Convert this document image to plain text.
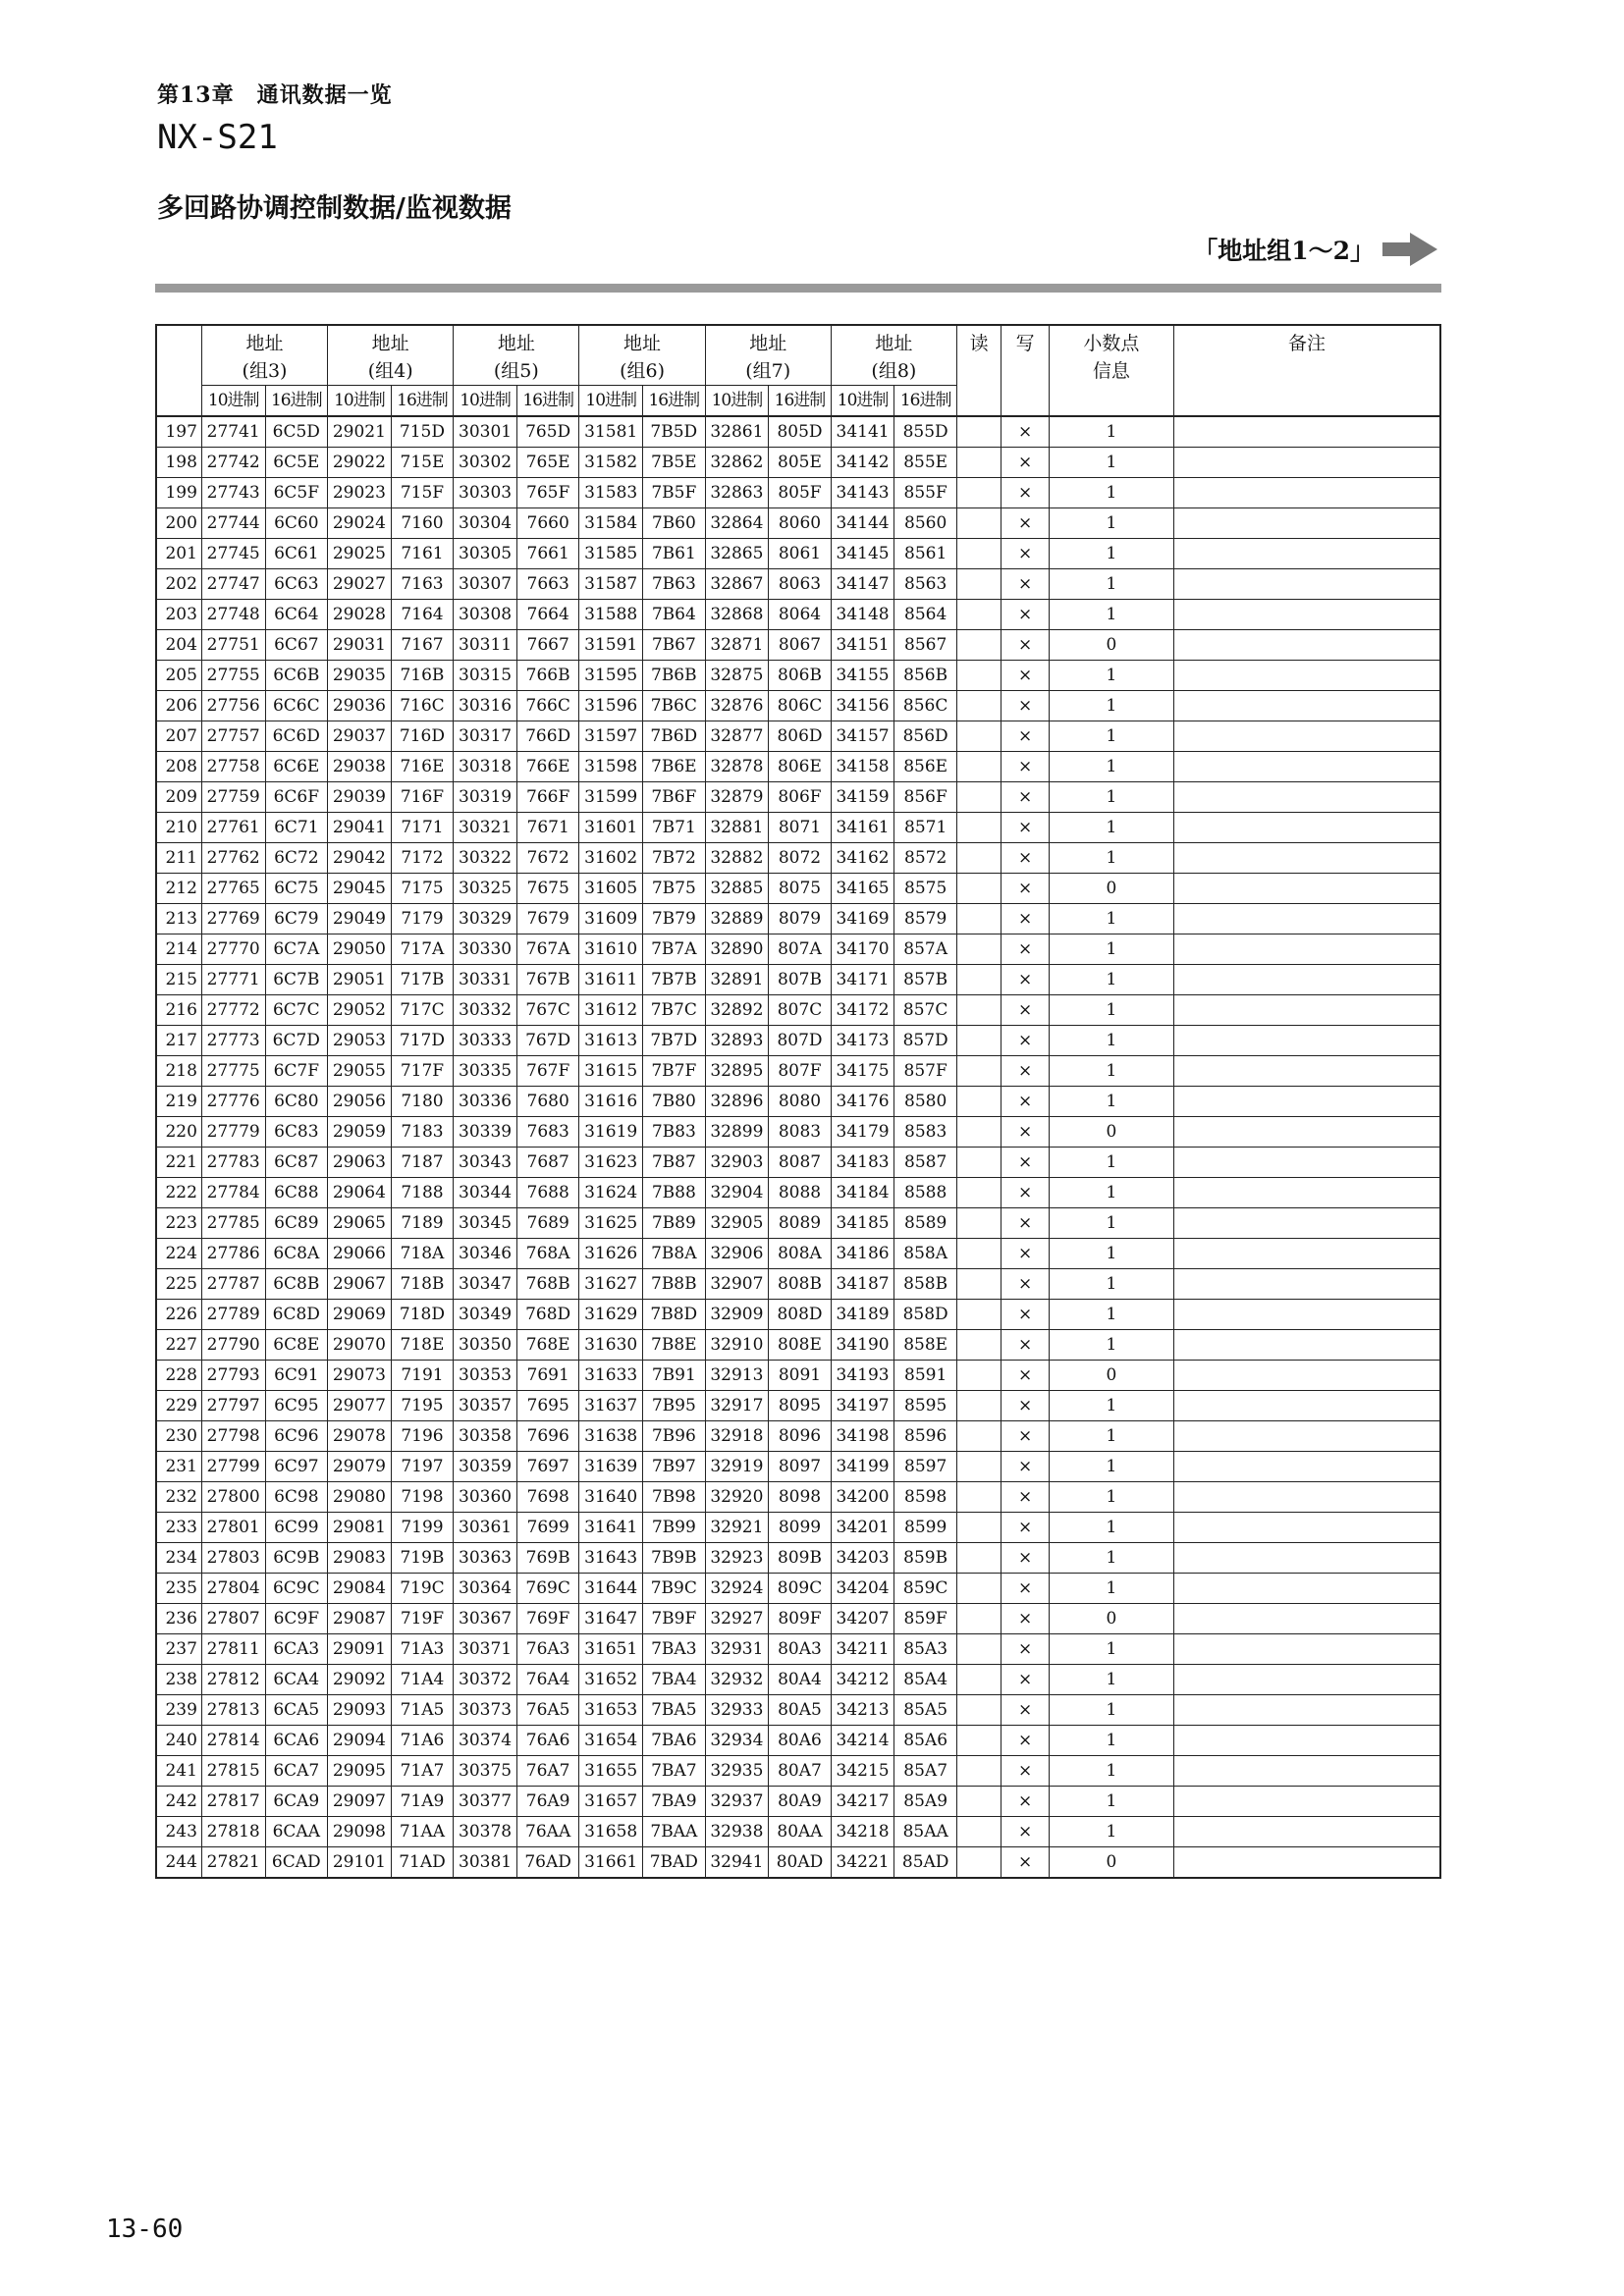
第13章　通讯数据一览
NX-S21
多回路协调控制数据/监视数据
「地址组1～2」
	地址
(组3)		地址
(组4)		地址
(组5)		地址
(组6)		地址
(组7)		地址
(组8)		读	写	小数点
信息	备注
	10进制	16进制	10进制	16进制	10进制	16进制	10进制	16进制	10进制	16进制	10进制	16进制				
197	27741	6C5D	29021	715D	30301	765D	31581	7B5D	32861	805D	34141	855D		×	1	
198	27742	6C5E	29022	715E	30302	765E	31582	7B5E	32862	805E	34142	855E		×	1	
199	27743	6C5F	29023	715F	30303	765F	31583	7B5F	32863	805F	34143	855F		×	1	
200	27744	6C60	29024	7160	30304	7660	31584	7B60	32864	8060	34144	8560		×	1	
201	27745	6C61	29025	7161	30305	7661	31585	7B61	32865	8061	34145	8561		×	1	
202	27747	6C63	29027	7163	30307	7663	31587	7B63	32867	8063	34147	8563		×	1	
203	27748	6C64	29028	7164	30308	7664	31588	7B64	32868	8064	34148	8564		×	1	
204	27751	6C67	29031	7167	30311	7667	31591	7B67	32871	8067	34151	8567		×	0	
205	27755	6C6B	29035	716B	30315	766B	31595	7B6B	32875	806B	34155	856B		×	1	
206	27756	6C6C	29036	716C	30316	766C	31596	7B6C	32876	806C	34156	856C		×	1	
207	27757	6C6D	29037	716D	30317	766D	31597	7B6D	32877	806D	34157	856D		×	1	
208	27758	6C6E	29038	716E	30318	766E	31598	7B6E	32878	806E	34158	856E		×	1	
209	27759	6C6F	29039	716F	30319	766F	31599	7B6F	32879	806F	34159	856F		×	1	
210	27761	6C71	29041	7171	30321	7671	31601	7B71	32881	8071	34161	8571		×	1	
211	27762	6C72	29042	7172	30322	7672	31602	7B72	32882	8072	34162	8572		×	1	
212	27765	6C75	29045	7175	30325	7675	31605	7B75	32885	8075	34165	8575		×	0	
213	27769	6C79	29049	7179	30329	7679	31609	7B79	32889	8079	34169	8579		×	1	
214	27770	6C7A	29050	717A	30330	767A	31610	7B7A	32890	807A	34170	857A		×	1	
215	27771	6C7B	29051	717B	30331	767B	31611	7B7B	32891	807B	34171	857B		×	1	
216	27772	6C7C	29052	717C	30332	767C	31612	7B7C	32892	807C	34172	857C		×	1	
217	27773	6C7D	29053	717D	30333	767D	31613	7B7D	32893	807D	34173	857D		×	1	
218	27775	6C7F	29055	717F	30335	767F	31615	7B7F	32895	807F	34175	857F		×	1	
219	27776	6C80	29056	7180	30336	7680	31616	7B80	32896	8080	34176	8580		×	1	
220	27779	6C83	29059	7183	30339	7683	31619	7B83	32899	8083	34179	8583		×	0	
221	27783	6C87	29063	7187	30343	7687	31623	7B87	32903	8087	34183	8587		×	1	
222	27784	6C88	29064	7188	30344	7688	31624	7B88	32904	8088	34184	8588		×	1	
223	27785	6C89	29065	7189	30345	7689	31625	7B89	32905	8089	34185	8589		×	1	
224	27786	6C8A	29066	718A	30346	768A	31626	7B8A	32906	808A	34186	858A		×	1	
225	27787	6C8B	29067	718B	30347	768B	31627	7B8B	32907	808B	34187	858B		×	1	
226	27789	6C8D	29069	718D	30349	768D	31629	7B8D	32909	808D	34189	858D		×	1	
227	27790	6C8E	29070	718E	30350	768E	31630	7B8E	32910	808E	34190	858E		×	1	
228	27793	6C91	29073	7191	30353	7691	31633	7B91	32913	8091	34193	8591		×	0	
229	27797	6C95	29077	7195	30357	7695	31637	7B95	32917	8095	34197	8595		×	1	
230	27798	6C96	29078	7196	30358	7696	31638	7B96	32918	8096	34198	8596		×	1	
231	27799	6C97	29079	7197	30359	7697	31639	7B97	32919	8097	34199	8597		×	1	
232	27800	6C98	29080	7198	30360	7698	31640	7B98	32920	8098	34200	8598		×	1	
233	27801	6C99	29081	7199	30361	7699	31641	7B99	32921	8099	34201	8599		×	1	
234	27803	6C9B	29083	719B	30363	769B	31643	7B9B	32923	809B	34203	859B		×	1	
235	27804	6C9C	29084	719C	30364	769C	31644	7B9C	32924	809C	34204	859C		×	1	
236	27807	6C9F	29087	719F	30367	769F	31647	7B9F	32927	809F	34207	859F		×	0	
237	27811	6CA3	29091	71A3	30371	76A3	31651	7BA3	32931	80A3	34211	85A3		×	1	
238	27812	6CA4	29092	71A4	30372	76A4	31652	7BA4	32932	80A4	34212	85A4		×	1	
239	27813	6CA5	29093	71A5	30373	76A5	31653	7BA5	32933	80A5	34213	85A5		×	1	
240	27814	6CA6	29094	71A6	30374	76A6	31654	7BA6	32934	80A6	34214	85A6		×	1	
241	27815	6CA7	29095	71A7	30375	76A7	31655	7BA7	32935	80A7	34215	85A7		×	1	
242	27817	6CA9	29097	71A9	30377	76A9	31657	7BA9	32937	80A9	34217	85A9		×	1	
243	27818	6CAA	29098	71AA	30378	76AA	31658	7BAA	32938	80AA	34218	85AA		×	1	
244	27821	6CAD	29101	71AD	30381	76AD	31661	7BAD	32941	80AD	34221	85AD		×	0	
13-60
